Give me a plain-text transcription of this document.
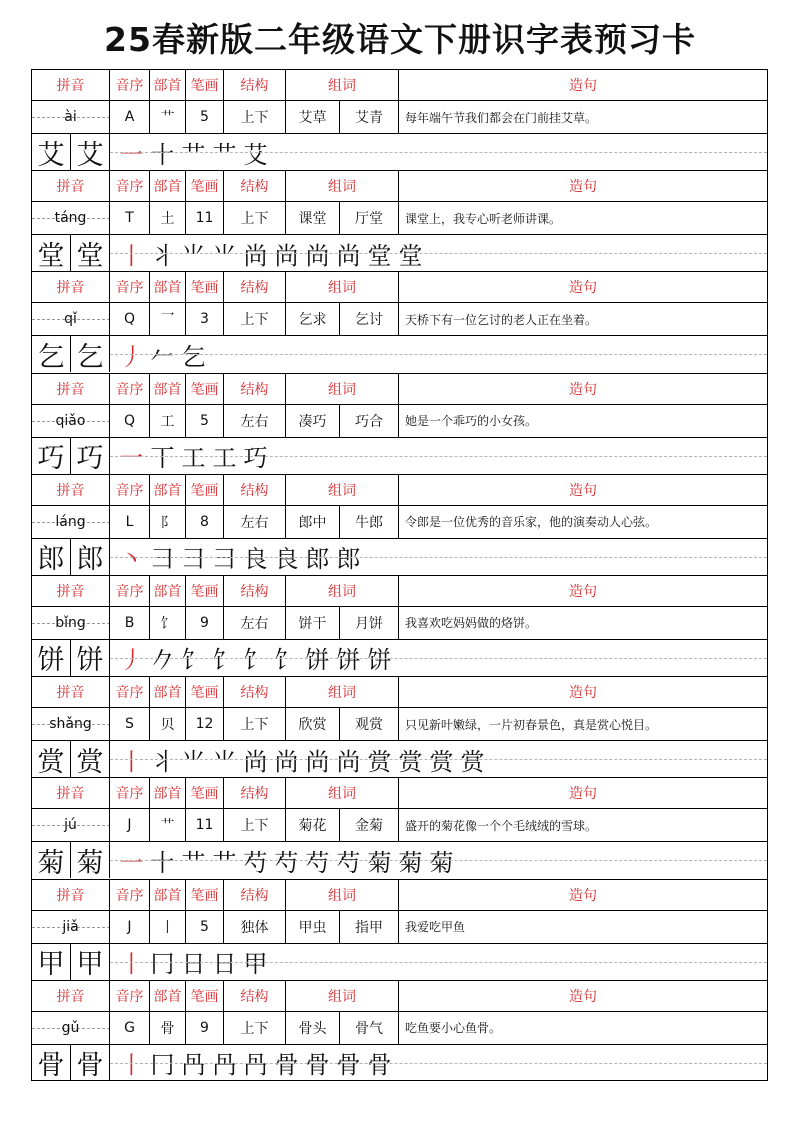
25春新版二年级语文下册识字表预习卡
拼音	音序 部首 笔画	结构	组词	造句
ài	A	艹	5	上下	艾草	艾青	每年端午节我们都会在门前挂艾草。
艾 艾 一 十 艹 艹 艾
拼音	音序 部首 笔画	结构	组词	造句
táng	T	土	11	上下	课堂	厅堂	课堂上，我专心听老师讲课。
堂 堂 丨 丬 ⺌ ⺌ 尚 尚 尚 尚 堂 堂
拼音	音序 部首 笔画	结构	组词	造句
qǐ	Q	乛	3	上下	乞求	乞讨	天桥下有一位乞讨的老人正在坐着。
乞 乞 丿 𠂉 乞
拼音	音序 部首 笔画	结构	组词	造句
qiǎo	Q	工	5	左右	凑巧	巧合	她是一个乖巧的小女孩。
巧 巧 一 丅 工 工 巧
拼音	音序 部首 笔画	结构	组词	造句
láng	L	阝	8	左右	郎中	牛郎	令郎是一位优秀的音乐家，他的演奏动人心弦。
郎 郎 丶 彐 彐 彐 良 良 郎 郎
拼音	音序 部首 笔画	结构	组词	造句
bǐng	B	饣	9	左右	饼干	月饼	我喜欢吃妈妈做的烙饼。
饼 饼 丿 𠂊 饣 饣 饣 饣 饼 饼 饼
拼音	音序 部首 笔画	结构	组词	造句
shǎng	S	贝	12	上下	欣赏	观赏	只见新叶嫩绿，一片初春景色，真是赏心悦目。
赏 赏 丨 丬 ⺌ ⺌ 尚 尚 尚 尚 赏 赏 赏 赏
拼音	音序 部首 笔画	结构	组词	造句
jú	J	艹	11	上下	菊花	金菊	盛开的菊花像一个个毛绒绒的雪球。
菊 菊 一 十 艹 艹 芍 芍 芍 芍 菊 菊 菊
拼音	音序 部首 笔画	结构	组词	造句
jiǎ	J	丨	5	独体	甲虫	指甲	我爱吃甲鱼
甲 甲 丨 冂 日 日 甲
拼音	音序 部首 笔画	结构	组词	造句
gǔ	G	骨	9	上下	骨头	骨气	吃鱼要小心鱼骨。
骨 骨 丨 冂 冎 冎 冎 骨 骨 骨 骨
